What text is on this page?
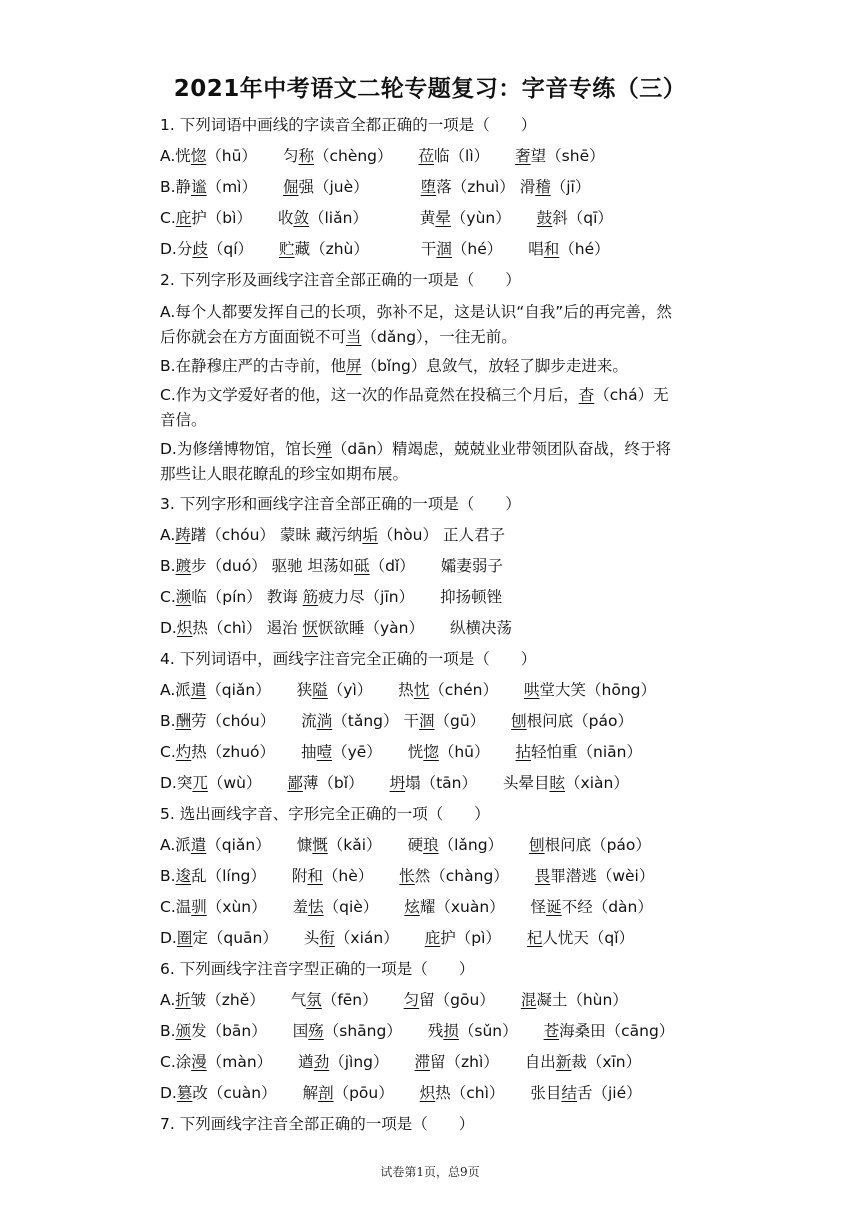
2021年中考语文二轮专题复习：字音专练（三）
1. 下列词语中画线的字读音全都正确的一项是（　　）
A.恍惚（hū） 匀称（chèng） 莅临（lì） 奢望（shē）
B.静谧（mì） 倔强（juè）	堕落（zhuì） 滑稽（jī）
C.庇护（bì） 收敛（liǎn）	黄晕（yùn） 鼓斜（qī）
D.分歧（qí） 贮藏（zhù）	干涸（hé） 唱和（hé）
2. 下列字形及画线字注音全部正确的一项是（　　）
A.每个人都要发挥自己的长项，弥补不足，这是认识“自我”后的再完善，然
后你就会在方方面面锐不可当（dǎng），一往无前。
B.在静穆庄严的古寺前，他屏（bǐng）息敛气，放轻了脚步走进来。
C.作为文学爱好者的他，这一次的作品竟然在投稿三个月后，杳（chá）无
音信。
D.为修缮博物馆，馆长殚（dān）精竭虑，兢兢业业带领团队奋战，终于将
那些让人眼花瞭乱的珍宝如期布展。
3. 下列字形和画线字注音全部正确的一项是（　　）
A.踌躇（chóu） 蒙昧 藏污纳垢（hòu） 正人君子
B.踱步（duó） 驱驰 坦荡如砥（dǐ） 孀妻弱子
C.濒临（pín） 教诲 筋疲力尽（jīn） 抑扬顿锉
D.炽热（chì） 遏治 恹恹欲睡（yàn） 纵横决荡
4. 下列词语中，画线字注音完全正确的一项是（　　）
A.派遣（qiǎn） 狭隘（yì） 热忱（chén） 哄堂大笑（hōng）
B.酬劳（chóu） 流淌（tǎng） 干涸（gū） 刨根问底（páo）
C.灼热（zhuó） 抽噎（yē） 恍惚（hū） 拈轻怕重（niān）
D.突兀（wù） 鄙薄（bǐ） 坍塌（tān） 头晕目眩（xiàn）
5. 选出画线字音、字形完全正确的一项（　　）
A.派遣（qiǎn） 慷慨（kǎi） 硬琅（lǎng） 刨根问底（páo）
B.逡乱（líng） 附和（hè） 怅然（chàng） 畏罪潜逃（wèi）
C.温驯（xùn） 羞怯（qiè） 炫耀（xuàn） 怪诞不经（dàn）
D.圈定（quān） 头衔（xián） 庇护（pì） 杞人忧天（qǐ）
6. 下列画线字注音字型正确的一项是（　　）
A.折皱（zhě） 气氛（fēn） 匀留（gōu） 混凝土（hùn）
B.颁发（bān） 国殇（shāng） 残损（sǔn） 苍海桑田（cāng）
C.涂漫（màn） 遒劲（jìng） 滞留（zhì） 自出新裁（xīn）
D.篡改（cuàn） 解剖（pōu） 炽热（chì） 张目结舌（jié）
7. 下列画线字注音全部正确的一项是（　　）
试卷第1页，总9页
